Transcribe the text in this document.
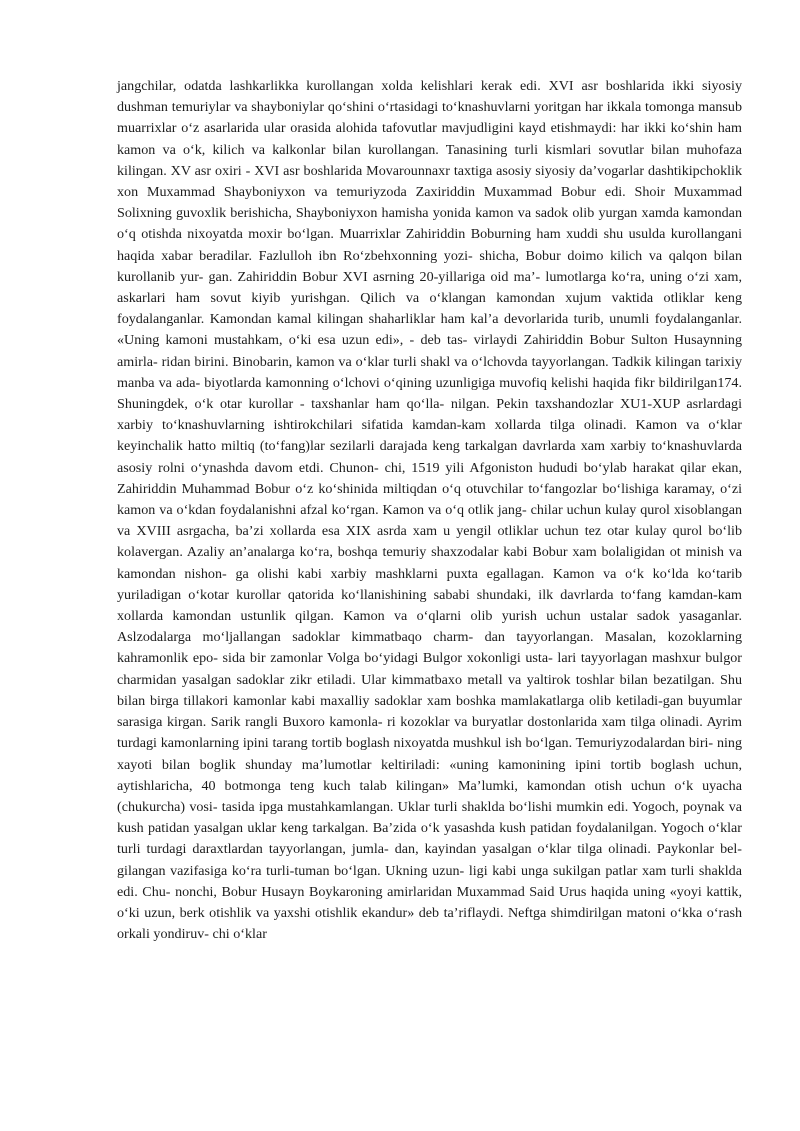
jangchilar, odatda lashkarlikka kurollangan xolda kelishlari kerak edi. XVI asr boshlarida ikki siyosiy dushman temuriylar va shayboniylar qoʻshini oʻrtasidagi toʻknashuvlarni yoritgan har ikkala tomonga mansub muarrixlar oʻz asarlarida ular orasida alohida tafovutlar mavjudligini kayd etishmaydi: har ikki koʻshin ham kamon va oʻk, kilich va kalkonlar bilan kurollangan. Tanasining turli kismlari sovutlar bilan muhofaza kilingan. XV asr oxiri - XVI asr boshlarida Movarounnaxr taxtiga asosiy siyosiy da’vogarlar dashtikipchoklik xon Muxammad Shayboniyxon va temuriyzoda Zaxiriddin Muxammad Bobur edi. Shoir Muxammad Solixning guvoxlik berishicha, Shayboniyxon hamisha yonida kamon va sadok olib yurgan xamda kamondan oʻq otishda nixoyatda moxir boʻlgan. Muarrixlar Zahiriddin Boburning ham xuddi shu usulda kurollangani haqida xabar beradilar. Fazlulloh ibn Roʻzbehxonning yozi- shicha, Bobur doimo kilich va qalqon bilan kurollanib yur- gan. Zahiriddin Bobur XVI asrning 20-yillariga oid ma’- lumotlarga koʻra, uning oʻzi xam, askarlari ham sovut kiyib yurishgan. Qilich va oʻklangan kamondan xujum vaktida otliklar keng foydalanganlar. Kamondan kamal kilingan shaharliklar ham kal’a devorlarida turib, unumli foydalanganlar. «Uning kamoni mustahkam, oʻki esa uzun edi», - deb tas- virlaydi Zahiriddin Bobur Sulton Husaynning amirla- ridan birini. Binobarin, kamon va oʻklar turli shakl va oʻlchovda tayyorlangan. Tadkik kilingan tarixiy manba va ada- biyotlarda kamonning oʻlchovi oʻqining uzunligiga muvofiq kelishi haqida fikr bildirilgan174. Shuningdek, oʻk otar kurollar - taxshanlar ham qoʻlla- nilgan. Pekin taxshandozlar XU1-XUP asrlardagi xarbiy toʻknashuvlarning ishtirokchilari sifatida kamdan-kam xollarda tilga olinadi. Kamon va oʻklar keyinchalik hatto miltiq (toʻfang)lar sezilarli darajada keng tarkalgan davrlarda xam xarbiy toʻknashuvlarda asosiy rolni oʻynashda davom etdi. Chunon- chi, 1519 yili Afgoniston hududi boʻylab harakat qilar ekan, Zahiriddin Muhammad Bobur oʻz koʻshinida miltiqdan oʻq otuvchilar toʻfangozlar boʻlishiga karamay, oʻzi kamon va oʻkdan foydalanishni afzal koʻrgan. Kamon va oʻq otlik jang- chilar uchun kulay qurol xisoblangan va XVIII asrgacha, ba’zi xollarda esa XIX asrda xam u yengil otliklar uchun tez otar kulay qurol boʻlib kolavergan. Azaliy an’analarga koʻra, boshqa temuriy shaxzodalar kabi Bobur xam bolaligidan ot minish va kamondan nishon- ga olishi kabi xarbiy mashklarni puxta egallagan. Kamon va oʻk koʻlda koʻtarib yuriladigan oʻkotar kurollar qatorida koʻllanishining sababi shundaki, ilk davrlarda toʻfang kamdan-kam xollarda kamondan ustunlik qilgan. Kamon va oʻqlarni olib yurish uchun ustalar sadok yasaganlar. Aslzodalarga moʻljallangan sadoklar kimmatbaqo charm- dan tayyorlangan. Masalan, kozoklarning kahramonlik epo- sida bir zamonlar Volga boʻyidagi Bulgor xokonligi usta- lari tayyorlagan mashxur bulgor charmidan yasalgan sadoklar zikr etiladi. Ular kimmatbaxo metall va yaltirok toshlar bilan bezatilgan. Shu bilan birga tillakori kamonlar kabi maxalliy sadoklar xam boshka mamlakatlarga olib ketiladi-gan buyumlar sarasiga kirgan. Sarik rangli Buxoro kamonla- ri kozoklar va buryatlar dostonlarida xam tilga olinadi. Ayrim turdagi kamonlarning ipini tarang tortib boglash nixoyatda mushkul ish boʻlgan. Temuriyzodalardan biri- ning xayoti bilan boglik shunday ma’lumotlar keltiriladi: «uning kamonining ipini tortib boglash uchun, aytishlaricha, 40 botmonga teng kuch talab kilingan» Ma’lumki, kamondan otish uchun oʻk uyacha (chukurcha) vosi- tasida ipga mustahkamlangan. Uklar turli shaklda boʻlishi mumkin edi. Yogoch, poynak va kush patidan yasalgan uklar keng tarkalgan. Ba’zida oʻk yasashda kush patidan foydalanilgan. Yogoch oʻklar turli turdagi daraxtlardan tayyorlangan, jumla- dan, kayindan yasalgan oʻklar tilga olinadi. Paykonlar bel- gilangan vazifasiga koʻra turli-tuman boʻlgan. Ukning uzun- ligi kabi unga sukilgan patlar xam turli shaklda edi. Chu- nonchi, Bobur Husayn Boykaroning amirlaridan Muxammad Said Urus haqida uning «yoyi kattik, oʻki uzun, berk otishlik va yaxshi otishlik ekandur» deb ta’riflaydi. Neftga shimdirilgan matoni oʻkka oʻrash orkali yondiruv- chi oʻklar
